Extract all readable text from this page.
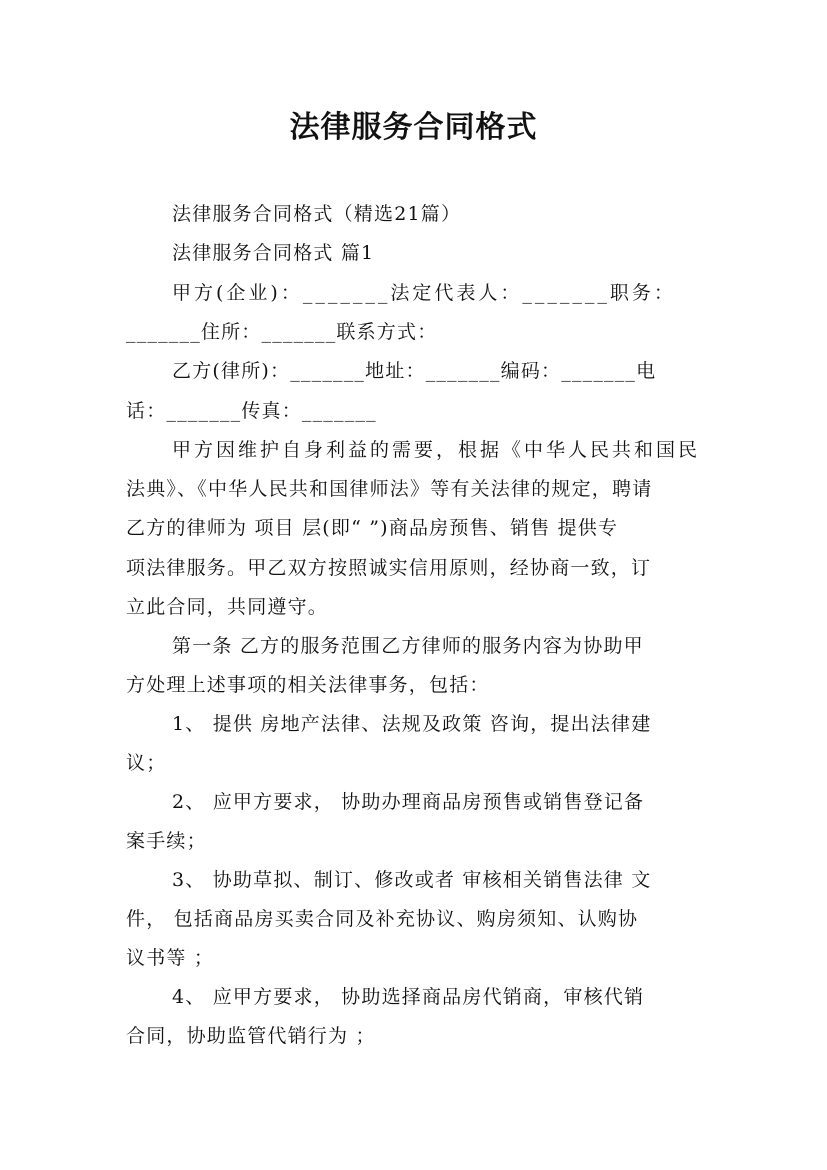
法律服务合同格式
法律服务合同格式（精选21篇）
法律服务合同格式 篇1
甲方(企业)：_______法定代表人：_______职务：
_______住所：_______联系方式：
乙方(律所)：_______地址：_______编码：_______电
话：_______传真：_______
甲方因维护自身利益的需要，根据《中华人民共和国民
法典》、《中华人民共和国律师法》等有关法律的规定，聘请
乙方的律师为 项目 层(即“ ”)商品房预售、销售 提供专
项法律服务。甲乙双方按照诚实信用原则，经协商一致，订
立此合同，共同遵守。
第一条 乙方的服务范围乙方律师的服务内容为协助甲
方处理上述事项的相关法律事务，包括：
1、 提供 房地产法律、法规及政策 咨询，提出法律建
议；
2、 应甲方要求， 协助办理商品房预售或销售登记备
案手续；
3、 协助草拟、制订、修改或者 审核相关销售法律 文
件， 包括商品房买卖合同及补充协议、购房须知、认购协
议书等 ；
4、 应甲方要求， 协助选择商品房代销商，审核代销
合同，协助监管代销行为 ；
